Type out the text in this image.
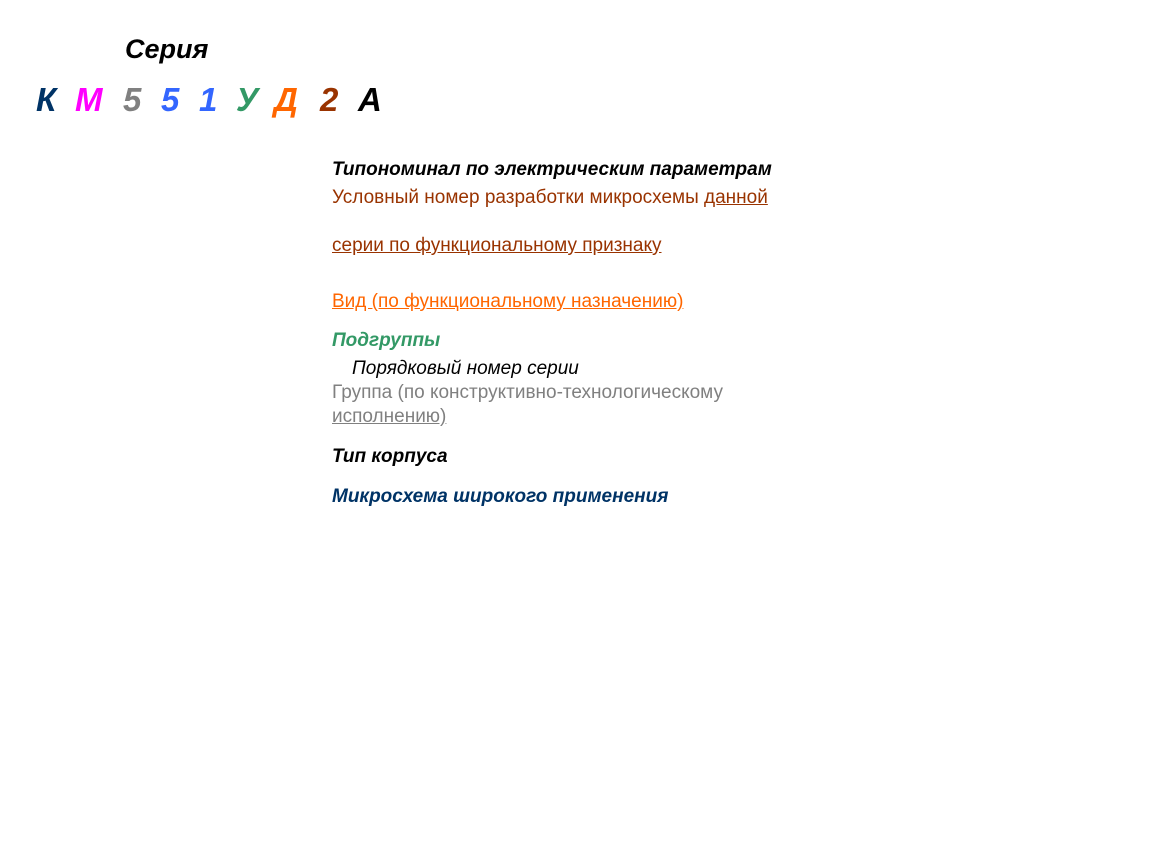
Серия
К М 5 5 1 У Д 2 А
Типономинал по электрическим параметрам
Условный номер разработки микросхемы данной
серии по функциональному признаку
Вид (по функциональному назначению)
Подгруппы
Порядковый номер серии
Группа (по конструктивно-технологическому
исполнению)
Тип корпуса
Микросхема широкого применения
